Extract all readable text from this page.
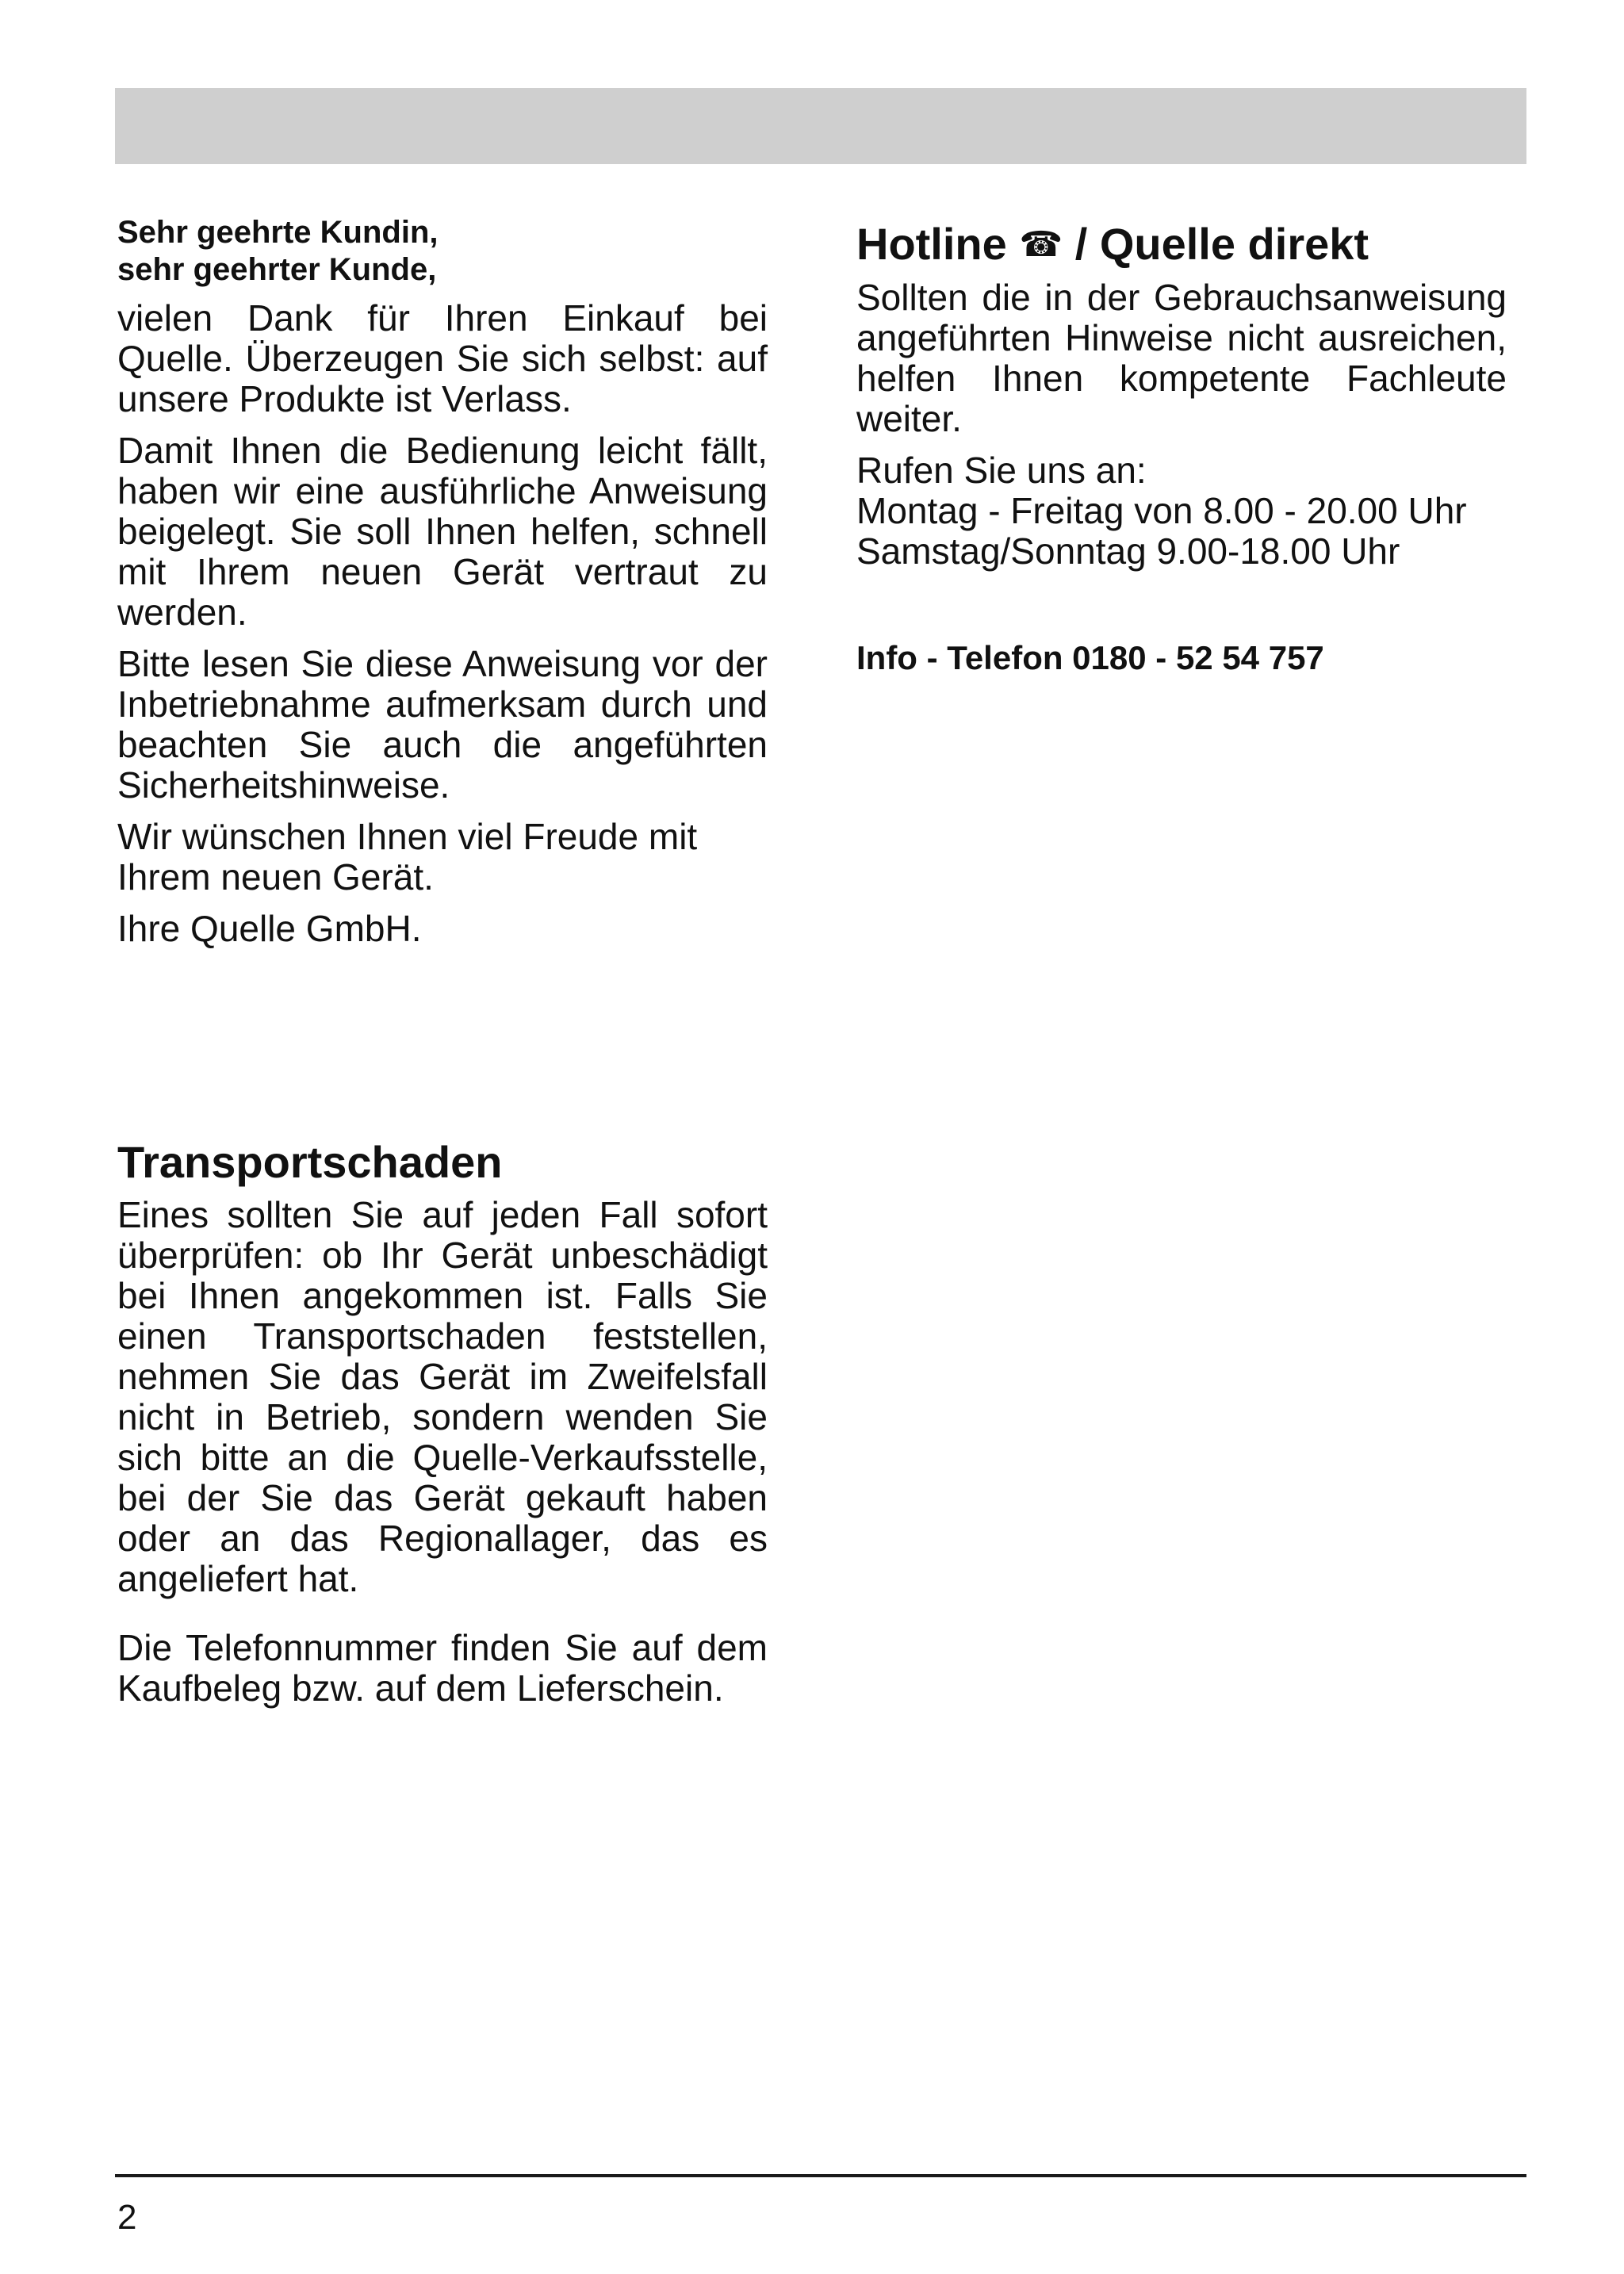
Sehr geehrte Kundin,
sehr geehrter Kunde,

vielen Dank für Ihren Einkauf bei Quelle. Überzeugen Sie sich selbst: auf unsere Produkte ist Verlass.

Damit Ihnen die Bedienung leicht fällt, haben wir eine ausführliche Anweisung beigelegt. Sie soll Ihnen helfen, schnell mit Ihrem neuen Gerät vertraut zu werden.

Bitte lesen Sie diese Anweisung vor der Inbetriebnahme aufmerksam durch und beachten Sie auch die angeführten Sicherheitshinweise.

Wir wünschen Ihnen viel Freude mit Ihrem neuen Gerät.

Ihre Quelle GmbH.

Hotline ☎ / Quelle direkt

Sollten die in der Gebrauchsanweisung angeführten Hinweise nicht ausreichen, helfen Ihnen kompetente Fachleute weiter.

Rufen Sie uns an:

Montag - Freitag von 8.00 - 20.00 Uhr

Samstag/Sonntag 9.00-18.00 Uhr

Info - Telefon 0180 - 52 54 757
Transportschaden

Eines sollten Sie auf jeden Fall sofort überprüfen: ob Ihr Gerät unbeschädigt bei Ihnen angekommen ist. Falls Sie einen Transportschaden feststellen, nehmen Sie das Gerät im Zweifelsfall nicht in Betrieb, sondern wenden Sie sich bitte an die Quelle-Verkaufsstelle, bei der Sie das Gerät gekauft haben oder an das Regionallager, das es angeliefert hat.

Die Telefonnummer finden Sie auf dem Kaufbeleg bzw. auf dem Lieferschein.

2
